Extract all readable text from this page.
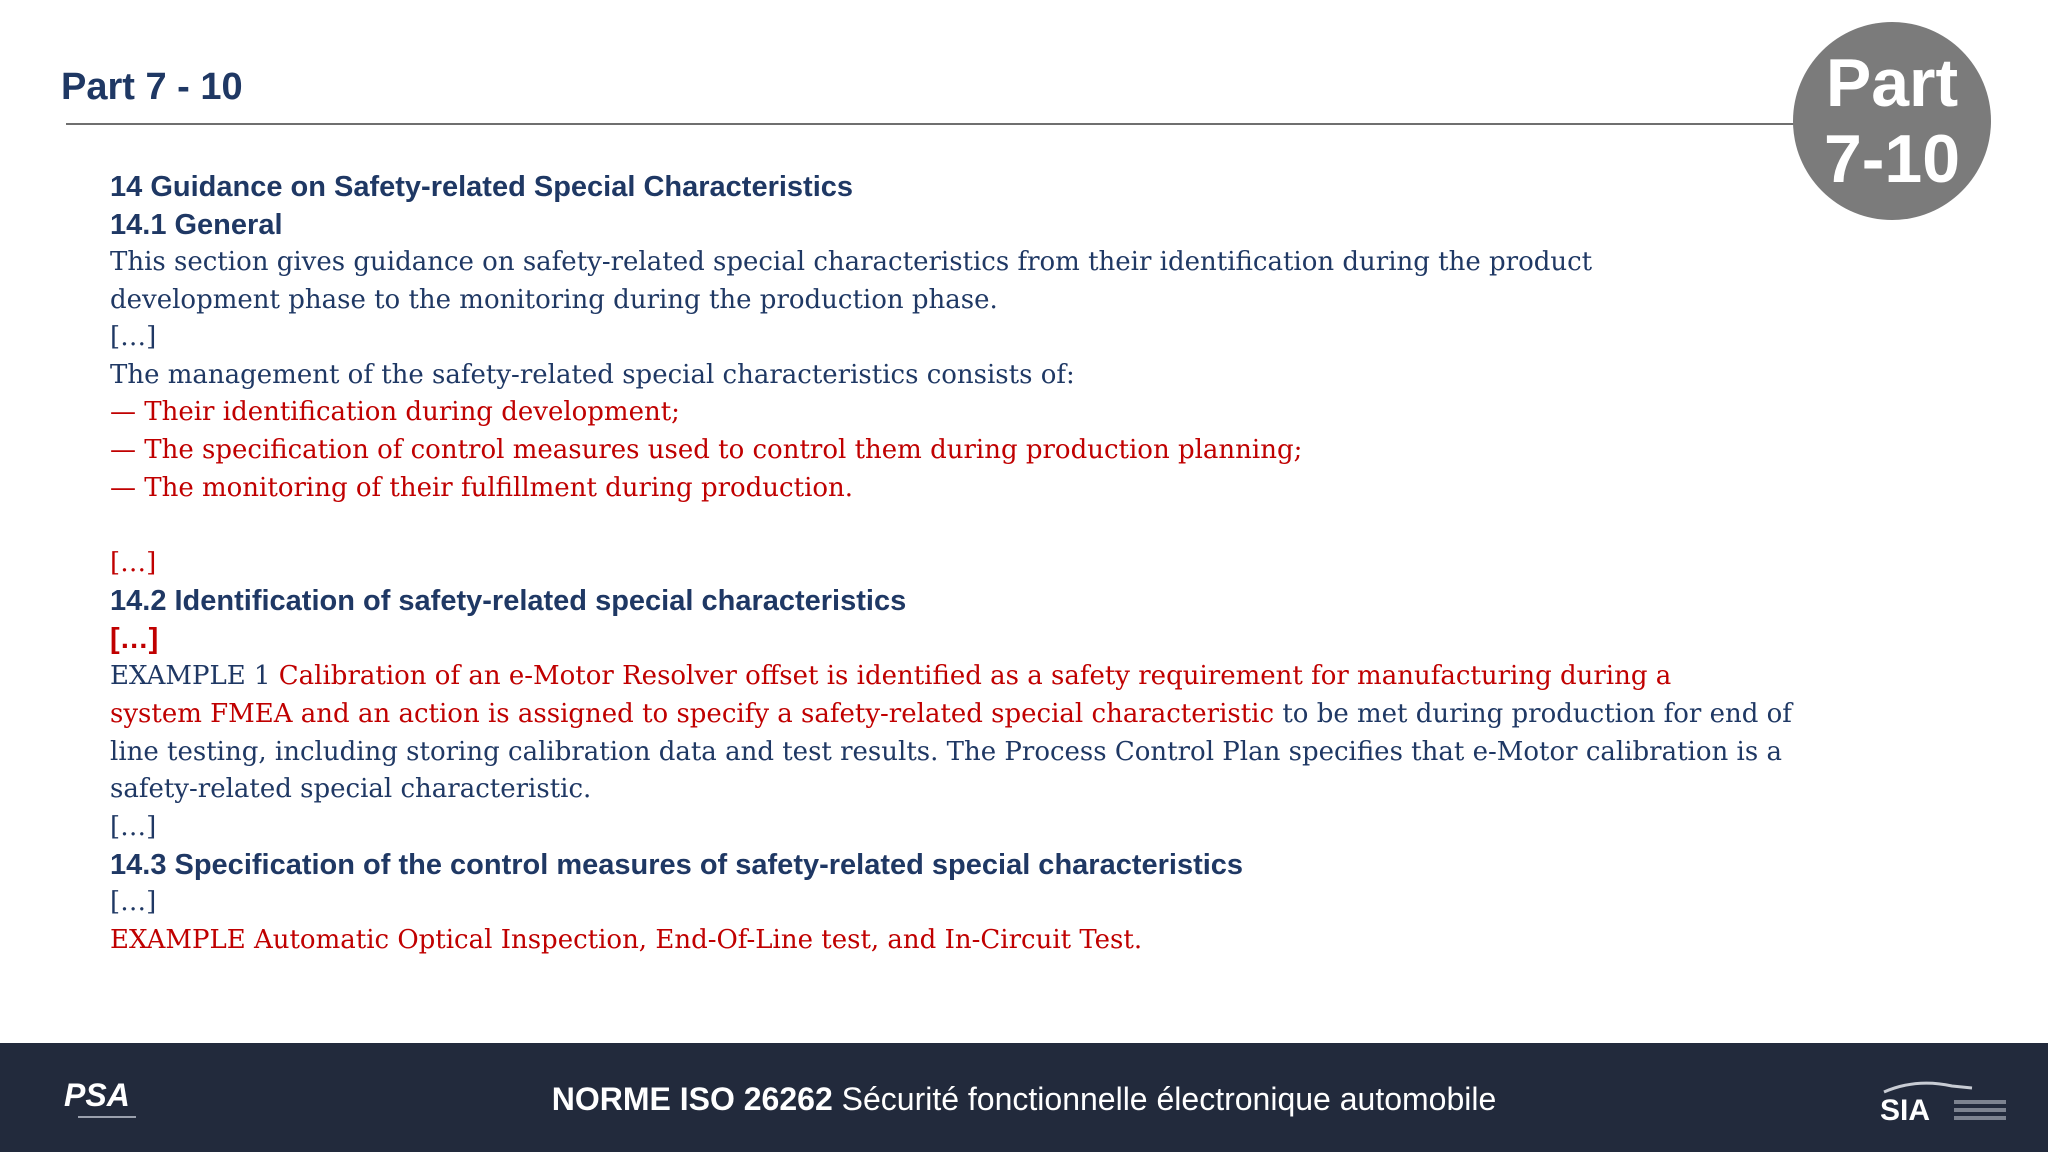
Part 7 - 10	Part
7-10

14 Guidance on Safety-related Special Characteristics

14.1 General

This section gives guidance on safety-related special characteristics from their identification during the product

development phase to the monitoring during the production phase.

[…]

The management of the safety-related special characteristics consists of:

— Their identification during development;

— The specification of control measures used to control them during production planning;

— The monitoring of their fulfillment during production.

[…]

14.2 Identification of safety-related special characteristics

[…]

EXAMPLE 1 Calibration of an e-Motor Resolver offset is identified as a safety requirement for manufacturing during a

system FMEA and an action is assigned to specify a safety-related special characteristic to be met during production for end of

line testing, including storing calibration data and test results. The Process Control Plan specifies that e-Motor calibration is a

safety-related special characteristic.

[…]

14.3 Specification of the control measures of safety-related special characteristics

[…]

EXAMPLE Automatic Optical Inspection, End-Of-Line test, and In-Circuit Test.

PSA	NORME ISO 26262 Sécurité fonctionnelle électronique automobile	SIA
